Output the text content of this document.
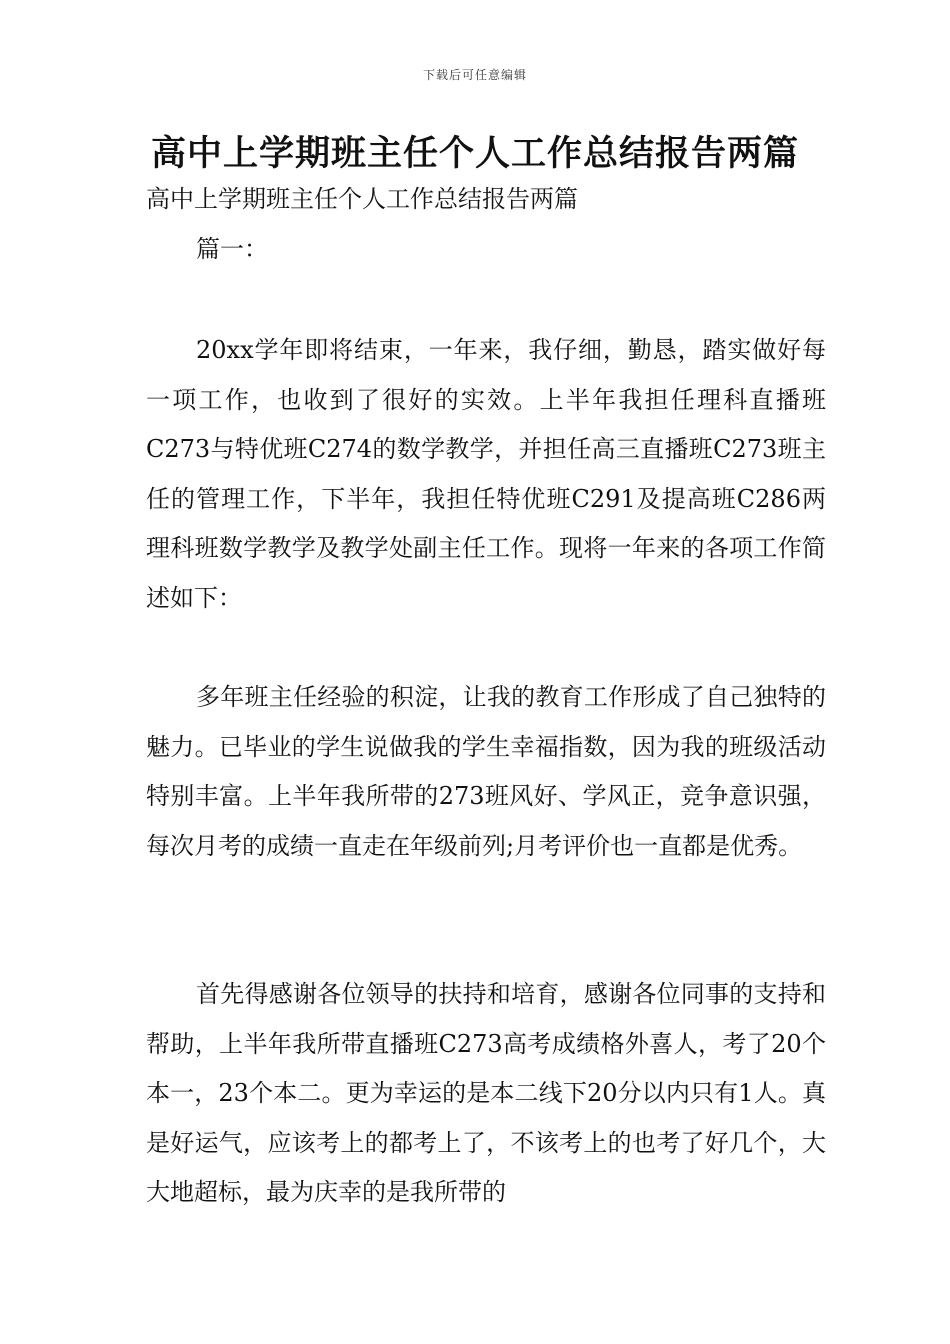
下载后可任意编辑
高中上学期班主任个人工作总结报告两篇

高中上学期班主任个人工作总结报告两篇

篇一：

20xx学年即将结束，一年来，我仔细，勤恳，踏实做好每一项工作，也收到了很好的实效。上半年我担任理科直播班C273与特优班C274的数学教学，并担任高三直播班C273班主任的管理工作，下半年，我担任特优班C291及提高班C286两理科班数学教学及教学处副主任工作。现将一年来的各项工作简述如下：

多年班主任经验的积淀，让我的教育工作形成了自己独特的魅力。已毕业的学生说做我的学生幸福指数，因为我的班级活动特别丰富。上半年我所带的273班风好、学风正，竞争意识强，每次月考的成绩一直走在年级前列;月考评价也一直都是优秀。

首先得感谢各位领导的扶持和培育，感谢各位同事的支持和帮助，上半年我所带直播班C273高考成绩格外喜人，考了20个本一，23个本二。更为幸运的是本二线下20分以内只有1人。真是好运气，应该考上的都考上了，不该考上的也考了好几个，大大地超标，最为庆幸的是我所带的
